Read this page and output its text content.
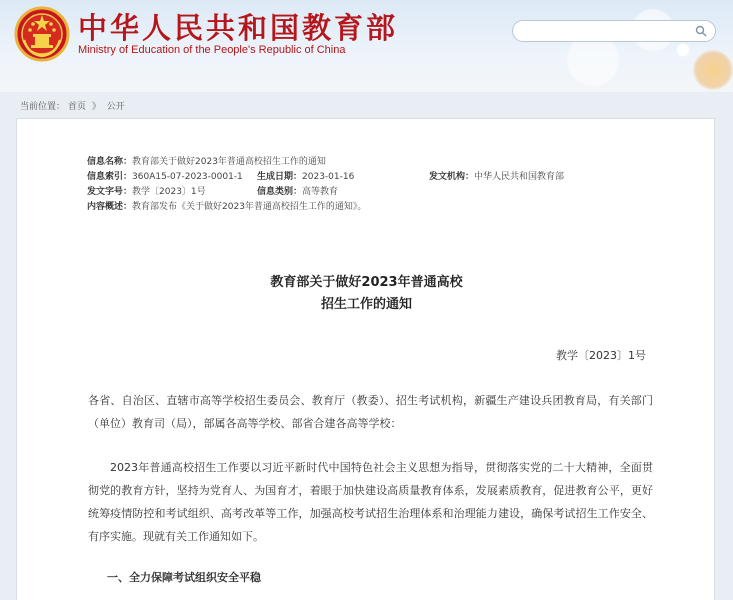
中华人民共和国教育部
Ministry of Education of the People's Republic of China
当前位置： 首页 》 公开
信息名称： 教育部关于做好2023年普通高校招生工作的通知
信息索引： 360A15-07-2023-0001-1 生成日期： 2023-01-16	发文机构： 中华人民共和国教育部
发文字号： 教学〔2023〕1号	信息类别： 高等教育
内容概述： 教育部发布《关于做好2023年普通高校招生工作的通知》。
教育部关于做好2023年普通高校
招生工作的通知
教学〔2023〕1号
各省、自治区、直辖市高等学校招生委员会、教育厅（教委）、招生考试机构，新疆生产建设兵团教育局，有关部门（单位）教育司（局），部属各高等学校、部省合建各高等学校：
2023年普通高校招生工作要以习近平新时代中国特色社会主义思想为指导，贯彻落实党的二十大精神，全面贯彻党的教育方针，坚持为党育人、为国育才，着眼于加快建设高质量教育体系，发展素质教育，促进教育公平，更好统筹疫情防控和考试组织、高考改革等工作，加强高校考试招生治理体系和治理能力建设，确保考试招生工作安全、有序实施。现就有关工作通知如下。
一、全力保障考试组织安全平稳
